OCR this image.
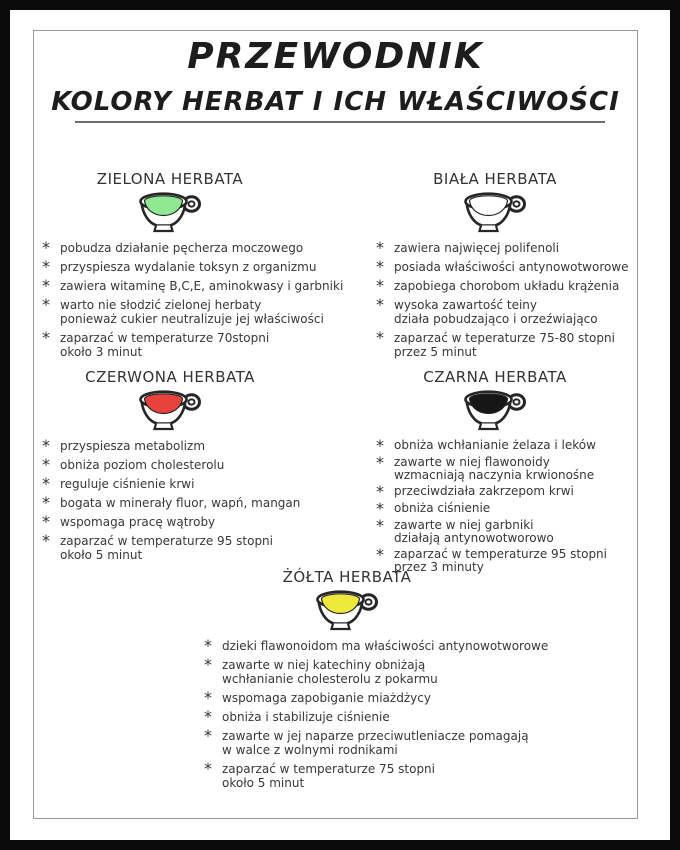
PRZEWODNIK
KOLORY HERBAT I ICH WŁAŚCIWOŚCI
ZIELONA HERBATA
* pobudza działanie pęcherza moczowego
* przyspiesza wydalanie toksyn z organizmu
* zawiera witaminę B,C,E, aminokwasy i garbniki
* warto nie słodzić zielonej herbaty
ponieważ cukier neutralizuje jej właściwości
* zaparzać w temperaturze 70stopni
około 3 minut
BIAŁA HERBATA
* zawiera najwięcej polifenoli
* posiada właściwości antynowotworowe
* zapobiega chorobom układu krążenia
* wysoka zawartość teiny
działa pobudzająco i orzeźwiająco
* zaparzać w teperaturze 75-80 stopni
przez 5 minut
CZERWONA HERBATA
* przyspiesza metabolizm
* obniża poziom cholesterolu
* reguluje ciśnienie krwi
* bogata w minerały fluor, wapń, mangan
* wspomaga pracę wątroby
* zaparzać w temperaturze 95 stopni
około 5 minut
CZARNA HERBATA
* obniża wchłanianie żelaza i leków
* zawarte w niej flawonoidy
wzmacniają naczynia krwionośne
* przeciwdziała zakrzepom krwi
* obniża ciśnienie
* zawarte w niej garbniki
działają antynowotworowo
* zaparzać w temperaturze 95 stopni
przez 3 minuty
ŻÓŁTA HERBATA
* dzieki flawonoidom ma właściwości antynowotworowe
* zawarte w niej katechiny obniżają
wchłanianie cholesterolu z pokarmu
* wspomaga zapobiganie miażdżycy
* obniża i stabilizuje ciśnienie
* zawarte w jej naparze przeciwutleniacze pomagają
w walce z wolnymi rodnikami
* zaparzać w temperaturze 75 stopni
około 5 minut
